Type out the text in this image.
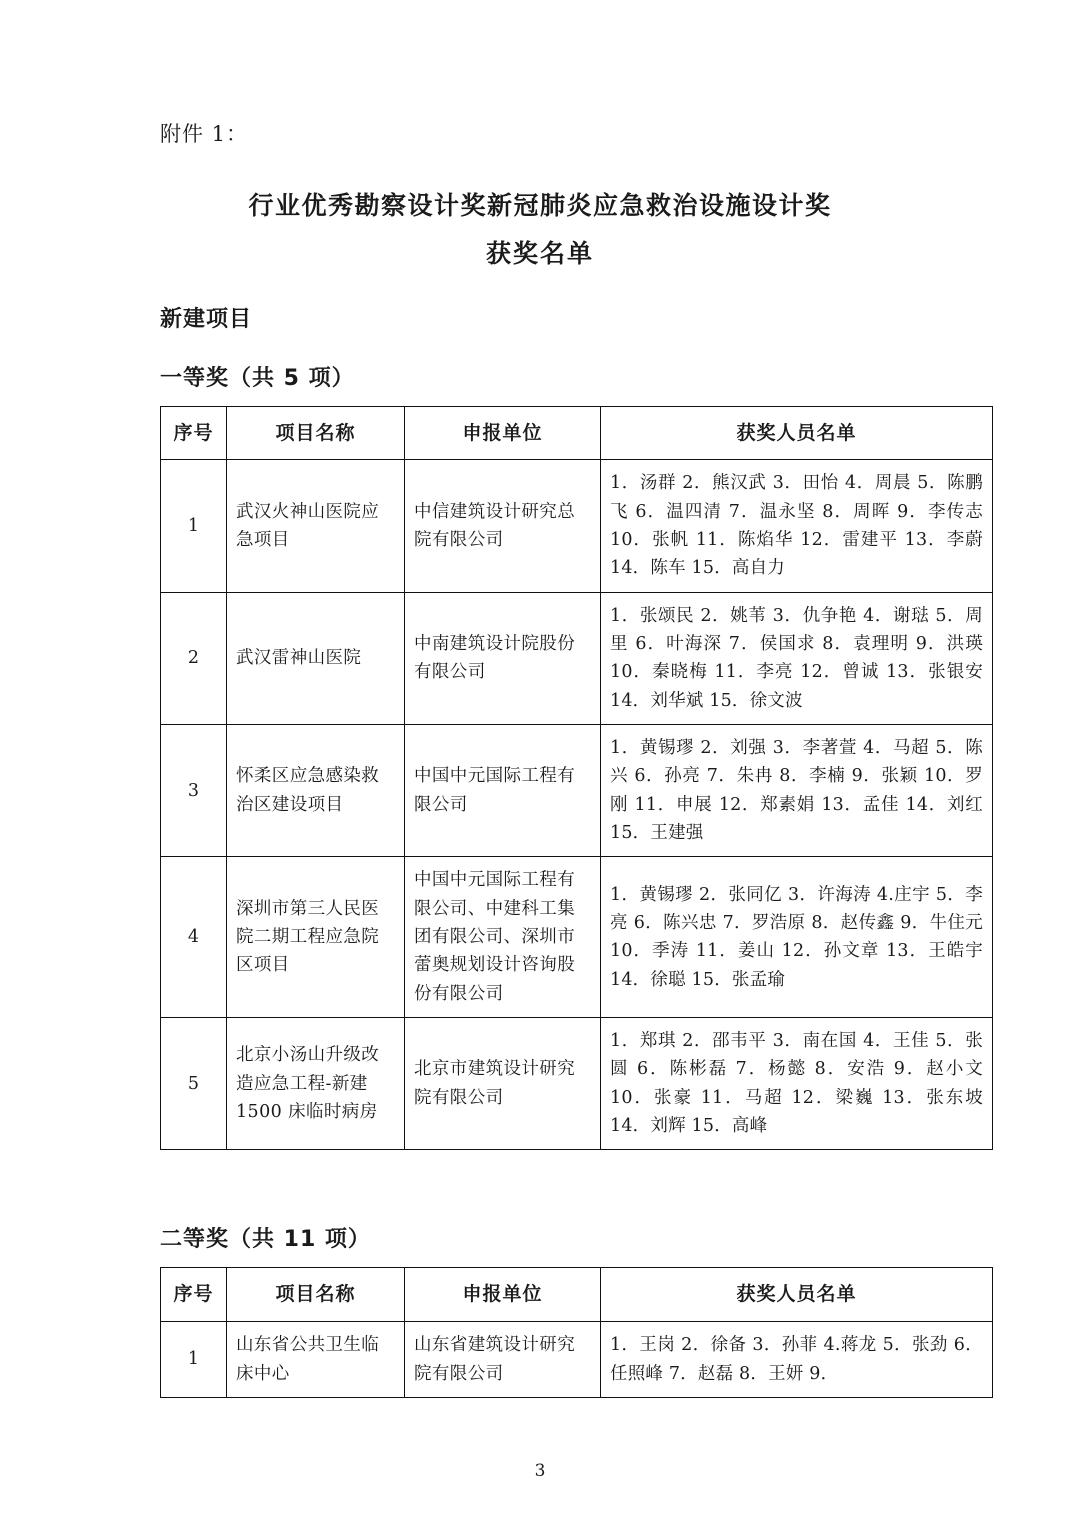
附件 1：
行业优秀勘察设计奖新冠肺炎应急救治设施设计奖
获奖名单
新建项目
一等奖（共 5 项）
序号	项目名称	申报单位	获奖人员名单
1	武汉火神山医院应急项目	中信建筑设计研究总院有限公司	1．汤群 2．熊汉武 3．田怡 4．周晨 5．陈鹏飞 6．温四清 7．温永坚 8．周晖 9．李传志 10．张帆 11．陈焰华 12．雷建平 13．李蔚 14．陈车 15．高自力
2	武汉雷神山医院	中南建筑设计院股份有限公司	1．张颂民 2．姚苇 3．仇争艳 4．谢琺 5．周里 6．叶海深 7．侯国求 8．袁理明 9．洪瑛 10．秦晓梅 11．李亮 12．曾诚 13．张银安 14．刘华斌 15．徐文波
3	怀柔区应急感染救治区建设项目	中国中元国际工程有限公司	1．黄锡璆 2．刘强 3．李著萱 4．马超 5．陈兴 6．孙亮 7．朱冉 8．李楠 9．张颖 10．罗刚 11．申展 12．郑素娟 13．孟佳 14．刘红 15．王建强
4	深圳市第三人民医院二期工程应急院区项目	中国中元国际工程有限公司、中建科工集团有限公司、深圳市蕾奥规划设计咨询股份有限公司	1．黄锡璆 2．张同亿 3．许海涛 4.庄宇 5．李亮 6．陈兴忠 7．罗浩原 8．赵传鑫 9．牛住元 10．季涛 11．姜山 12．孙文章 13．王皓宇 14．徐聪 15．张孟瑜
5	北京小汤山升级改造应急工程-新建 1500 床临时病房	北京市建筑设计研究院有限公司	1．郑琪 2．邵韦平 3．南在国 4．王佳 5．张圆 6．陈彬磊 7．杨懿 8．安浩 9．赵小文 10．张豪 11．马超 12．梁巍 13．张东坡 14．刘辉 15．高峰
二等奖（共 11 项）
序号	项目名称	申报单位	获奖人员名单
1	山东省公共卫生临床中心	山东省建筑设计研究院有限公司	1．王岗 2．徐备 3．孙菲 4.蒋龙 5．张劲 6．任照峰 7．赵磊 8．王妍 9．
3
